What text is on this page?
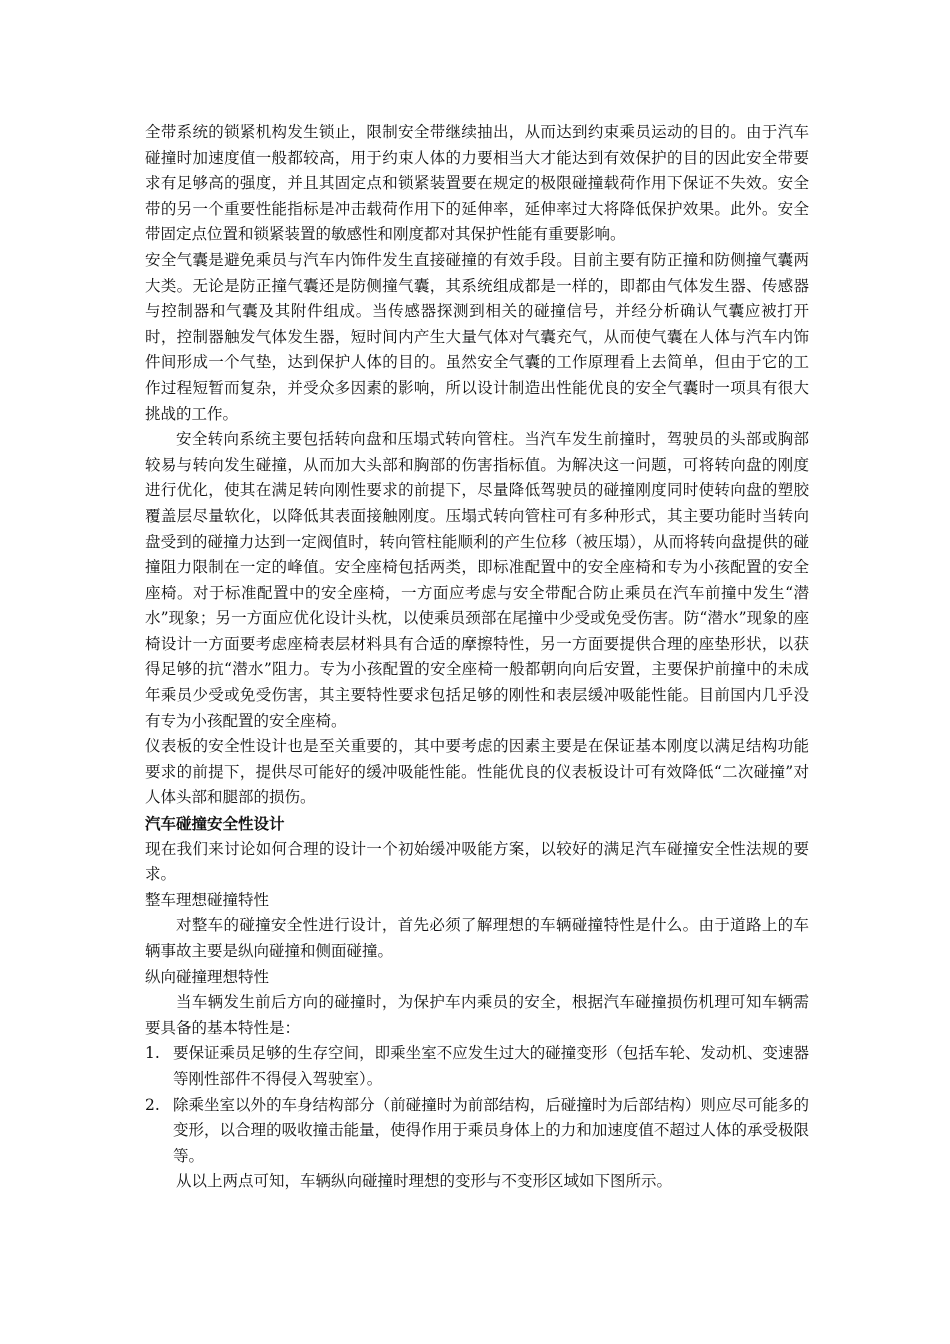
全带系统的锁紧机构发生锁止，限制安全带继续抽出，从而达到约束乘员运动的目的。由于汽车碰撞时加速度值一般都较高，用于约束人体的力要相当大才能达到有效保护的目的因此安全带要求有足够高的强度，并且其固定点和锁紧装置要在规定的极限碰撞载荷作用下保证不失效。安全带的另一个重要性能指标是冲击载荷作用下的延伸率，延伸率过大将降低保护效果。此外。安全带固定点位置和锁紧装置的敏感性和刚度都对其保护性能有重要影响。

安全气囊是避免乘员与汽车内饰件发生直接碰撞的有效手段。目前主要有防正撞和防侧撞气囊两大类。无论是防正撞气囊还是防侧撞气囊，其系统组成都是一样的，即都由气体发生器、传感器与控制器和气囊及其附件组成。当传感器探测到相关的碰撞信号，并经分析确认气囊应被打开时，控制器触发气体发生器，短时间内产生大量气体对气囊充气，从而使气囊在人体与汽车内饰件间形成一个气垫，达到保护人体的目的。虽然安全气囊的工作原理看上去简单，但由于它的工作过程短暂而复杂，并受众多因素的影响，所以设计制造出性能优良的安全气囊时一项具有很大挑战的工作。

安全转向系统主要包括转向盘和压塌式转向管柱。当汽车发生前撞时，驾驶员的头部或胸部较易与转向发生碰撞，从而加大头部和胸部的伤害指标值。为解决这一问题，可将转向盘的刚度进行优化，使其在满足转向刚性要求的前提下，尽量降低驾驶员的碰撞刚度同时使转向盘的塑胶覆盖层尽量软化，以降低其表面接触刚度。压塌式转向管柱可有多种形式，其主要功能时当转向盘受到的碰撞力达到一定阀值时，转向管柱能顺利的产生位移（被压塌），从而将转向盘提供的碰撞阻力限制在一定的峰值。安全座椅包括两类，即标准配置中的安全座椅和专为小孩配置的安全座椅。对于标准配置中的安全座椅，一方面应考虑与安全带配合防止乘员在汽车前撞中发生“潜水”现象；另一方面应优化设计头枕，以使乘员颈部在尾撞中少受或免受伤害。防“潜水”现象的座椅设计一方面要考虑座椅表层材料具有合适的摩擦特性，另一方面要提供合理的座垫形状，以获得足够的抗“潜水”阻力。专为小孩配置的安全座椅一般都朝向向后安置，主要保护前撞中的未成年乘员少受或免受伤害，其主要特性要求包括足够的刚性和表层缓冲吸能性能。目前国内几乎没有专为小孩配置的安全座椅。

仪表板的安全性设计也是至关重要的，其中要考虑的因素主要是在保证基本刚度以满足结构功能要求的前提下，提供尽可能好的缓冲吸能性能。性能优良的仪表板设计可有效降低“二次碰撞”对人体头部和腿部的损伤。

汽车碰撞安全性设计

现在我们来讨论如何合理的设计一个初始缓冲吸能方案，以较好的满足汽车碰撞安全性法规的要求。

整车理想碰撞特性

对整车的碰撞安全性进行设计，首先必须了解理想的车辆碰撞特性是什么。由于道路上的车辆事故主要是纵向碰撞和侧面碰撞。

纵向碰撞理想特性

当车辆发生前后方向的碰撞时，为保护车内乘员的安全，根据汽车碰撞损伤机理可知车辆需要具备的基本特性是：

1. 要保证乘员足够的生存空间，即乘坐室不应发生过大的碰撞变形（包括车轮、发动机、变速器等刚性部件不得侵入驾驶室）。
2. 除乘坐室以外的车身结构部分（前碰撞时为前部结构，后碰撞时为后部结构）则应尽可能多的变形，以合理的吸收撞击能量，使得作用于乘员身体上的力和加速度值不超过人体的承受极限等。

从以上两点可知，车辆纵向碰撞时理想的变形与不变形区域如下图所示。
